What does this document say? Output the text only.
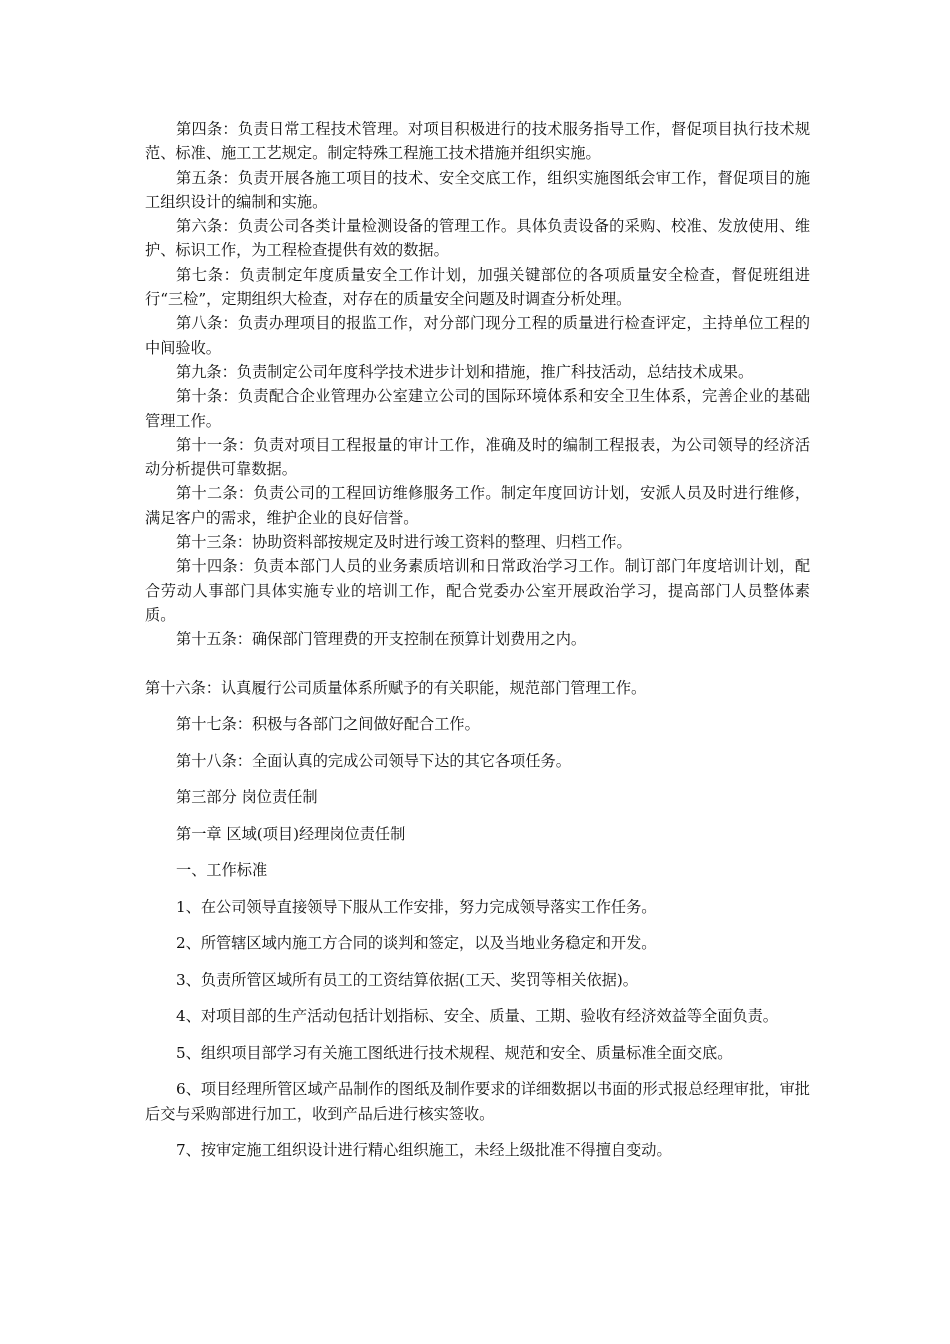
第四条：负责日常工程技术管理。对项目积极进行的技术服务指导工作，督促项目执行技术规范、标准、施工工艺规定。制定特殊工程施工技术措施并组织实施。

第五条：负责开展各施工项目的技术、安全交底工作，组织实施图纸会审工作，督促项目的施工组织设计的编制和实施。

第六条：负责公司各类计量检测设备的管理工作。具体负责设备的采购、校准、发放使用、维护、标识工作，为工程检查提供有效的数据。

第七条：负责制定年度质量安全工作计划，加强关键部位的各项质量安全检查，督促班组进行“三检”，定期组织大检查，对存在的质量安全问题及时调查分析处理。

第八条：负责办理项目的报监工作，对分部门现分工程的质量进行检查评定，主持单位工程的中间验收。

第九条：负责制定公司年度科学技术进步计划和措施，推广科技活动，总结技术成果。

第十条：负责配合企业管理办公室建立公司的国际环境体系和安全卫生体系，完善企业的基础管理工作。

第十一条：负责对项目工程报量的审计工作，准确及时的编制工程报表，为公司领导的经济活动分析提供可靠数据。

第十二条：负责公司的工程回访维修服务工作。制定年度回访计划，安派人员及时进行维修，满足客户的需求，维护企业的良好信誉。

第十三条：协助资料部按规定及时进行竣工资料的整理、归档工作。

第十四条：负责本部门人员的业务素质培训和日常政治学习工作。制订部门年度培训计划，配合劳动人事部门具体实施专业的培训工作，配合党委办公室开展政治学习，提高部门人员整体素质。

第十五条：确保部门管理费的开支控制在预算计划费用之内。

第十六条：认真履行公司质量体系所赋予的有关职能，规范部门管理工作。

第十七条：积极与各部门之间做好配合工作。

第十八条：全面认真的完成公司领导下达的其它各项任务。

第三部分 岗位责任制

第一章 区域(项目)经理岗位责任制

一、工作标准

1、在公司领导直接领导下服从工作安排，努力完成领导落实工作任务。

2、所管辖区域内施工方合同的谈判和签定，以及当地业务稳定和开发。

3、负责所管区域所有员工的工资结算依据(工天、奖罚等相关依据)。

4、对项目部的生产活动包括计划指标、安全、质量、工期、验收有经济效益等全面负责。

5、组织项目部学习有关施工图纸进行技术规程、规范和安全、质量标准全面交底。

6、项目经理所管区域产品制作的图纸及制作要求的详细数据以书面的形式报总经理审批，审批后交与采购部进行加工，收到产品后进行核实签收。

7、按审定施工组织设计进行精心组织施工，未经上级批准不得擅自变动。
